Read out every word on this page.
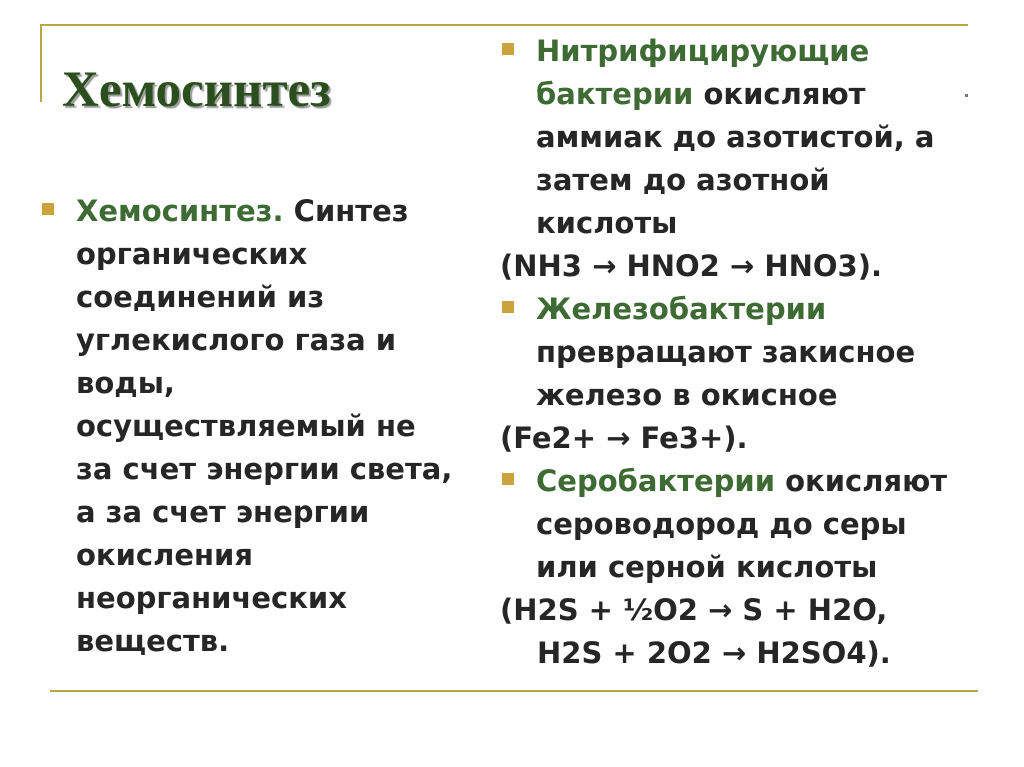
Хемосинтез
Хемосинтез. Синтез
органических
соединений из
углекислого газа и
воды,
осуществляемый не
за счет энергии света,
а за счет энергии
окисления
неорганических
веществ.
Нитрифицирующие
бактерии окисляют
аммиак до азотистой, а
затем до азотной
кислоты
(NH3 → HNO2 → HNO3).
Железобактерии
превращают закисное
железо в окисное
(Fe2+ → Fe3+).
Серобактерии окисляют
сероводород до серы
или серной кислоты
(H2S + ½O2 → S + H2O,
H2S + 2O2 → H2SO4).
